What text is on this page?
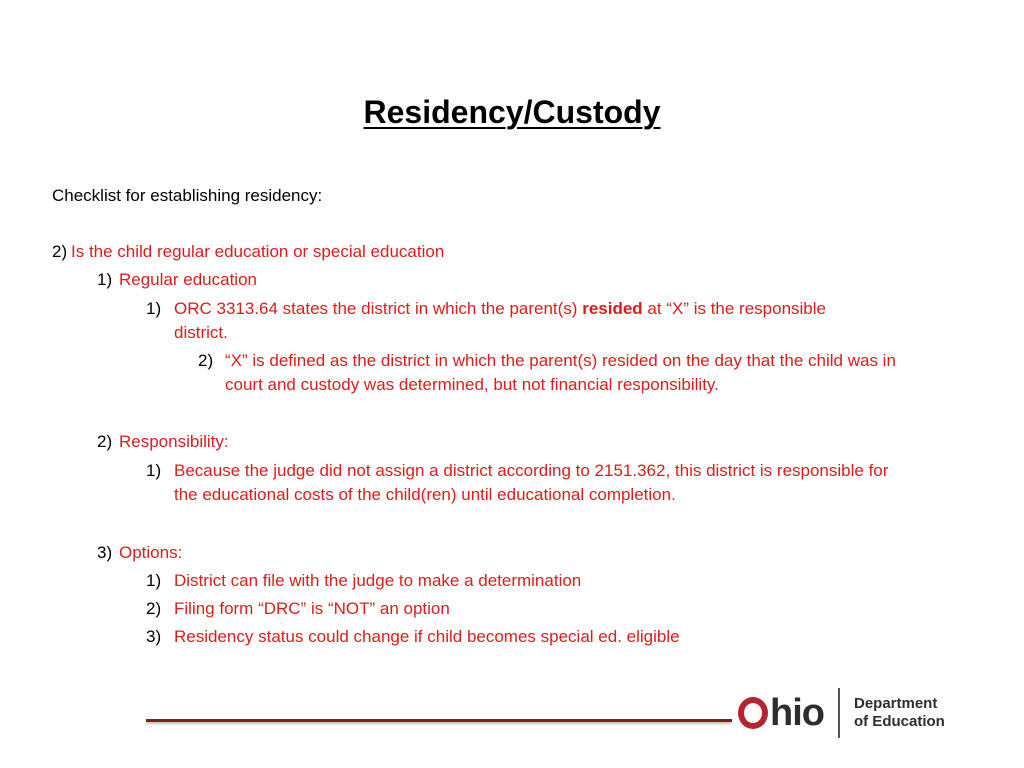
Residency/Custody

Checklist for establishing residency:

2) Is the child regular education or special education
1) Regular education
1) ORC 3313.64 states the district in which the parent(s) resided at “X” is the responsible district.
2) “X” is defined as the district in which the parent(s) resided on the day that the child was in court and custody was determined, but not financial responsibility.
2) Responsibility:
1) Because the judge did not assign a district according to 2151.362, this district is responsible for the educational costs of the child(ren) until educational completion.
3) Options:
1) District can file with the judge to make a determination
2) Filing form “DRC” is “NOT” an option
3) Residency status could change if child becomes special ed. eligible
hio Department
of Education
